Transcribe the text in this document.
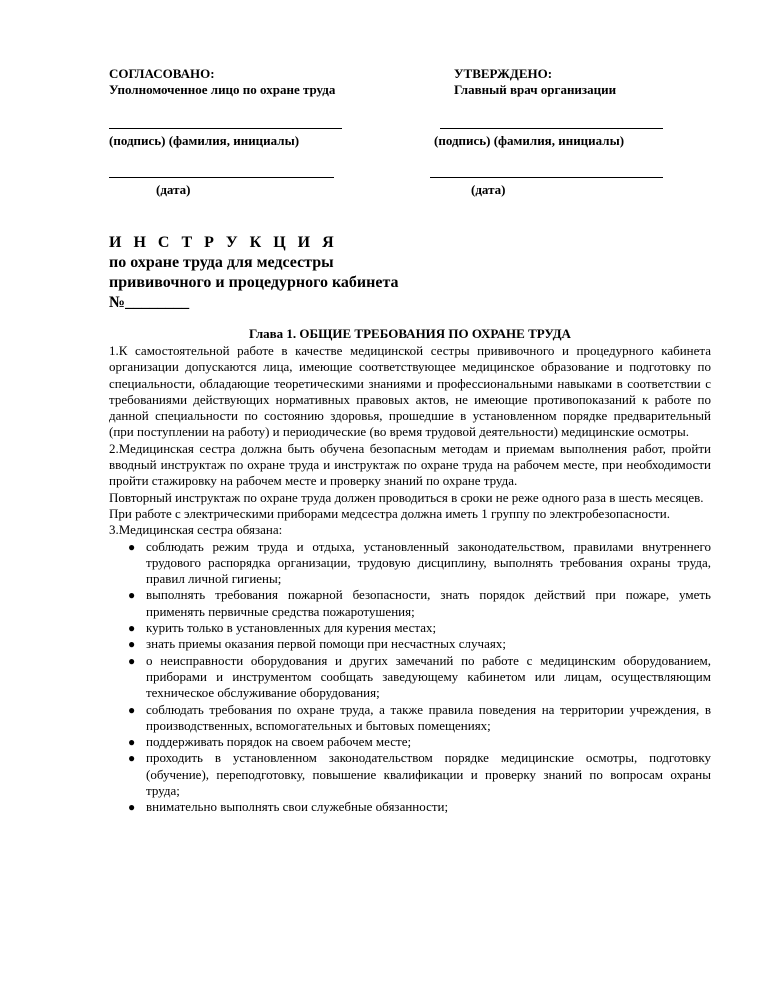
СОГЛАСОВАНО:
Уполномоченное лицо по охране труда
УТВЕРЖДЕНО:
Главный врач организации
(подпись) (фамилия, инициалы)	(подпись) (фамилия, инициалы)
(дата)	(дата)
И Н С Т Р У К Ц И Я
по охране труда для медсестры
прививочного и процедурного кабинета
№________
Глава 1. ОБЩИЕ ТРЕБОВАНИЯ ПО ОХРАНЕ ТРУДА

1.К самостоятельной работе в качестве медицинской сестры прививочного и процедурного кабинета организации допускаются лица, имеющие соответствующее медицинское образование и подготовку по специальности, обладающие теоретическими знаниями и профессиональными навыками в соответствии с требованиями действующих нормативных правовых актов, не имеющие противопоказаний к работе по данной специальности по состоянию здоровья, прошедшие в установленном порядке предварительный (при поступлении на работу) и периодические (во время трудовой деятельности) медицинские осмотры.

2.Медицинская сестра должна быть обучена безопасным методам и приемам выполнения работ, пройти вводный инструктаж по охране труда и инструктаж по охране труда на рабочем месте, при необходимости пройти стажировку на рабочем месте и проверку знаний по охране труда.

Повторный инструктаж по охране труда должен проводиться в сроки не реже одного раза в шесть месяцев.

При работе с электрическими приборами медсестра должна иметь 1 группу по электробезопасности.

3.Медицинская сестра обязана:

● соблюдать режим труда и отдыха, установленный законодательством, правилами внутреннего трудового распорядка организации, трудовую дисциплину, выполнять требования охраны труда, правил личной гигиены;
● выполнять требования пожарной безопасности, знать порядок действий при пожаре, уметь применять первичные средства пожаротушения;
● курить только в установленных для курения местах;
● знать приемы оказания первой помощи при несчастных случаях;
● о неисправности оборудования и других замечаний по работе с медицинским оборудованием, приборами и инструментом сообщать заведующему кабинетом или лицам, осуществляющим техническое обслуживание оборудования;
● соблюдать требования по охране труда, а также правила поведения на территории учреждения, в производственных, вспомогательных и бытовых помещениях;
● поддерживать порядок на своем рабочем месте;
● проходить в установленном законодательством порядке медицинские осмотры, подготовку (обучение), переподготовку, повышение квалификации и проверку знаний по вопросам охраны труда;
● внимательно выполнять свои служебные обязанности;
